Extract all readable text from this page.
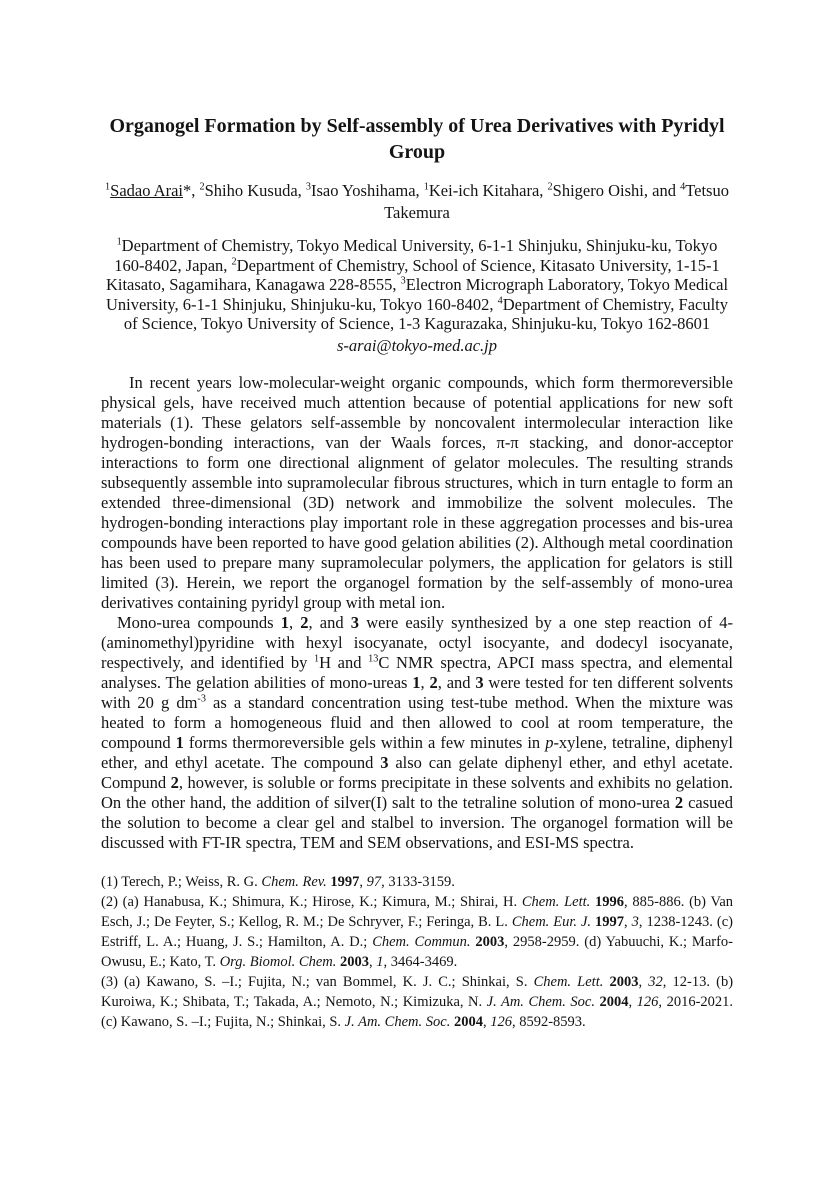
Organogel Formation by Self-assembly of Urea Derivatives with Pyridyl Group

$^1$Sadao Arai*, $^2$Shiho Kusuda, $^3$Isao Yoshihama, $^1$Kei-ich Kitahara, $^2$Shigero Oishi, and $^4$Tetsuo Takemura

$^1$Department of Chemistry, Tokyo Medical University, 6-1-1 Shinjuku, Shinjuku-ku, Tokyo 160-8402, Japan, $^2$Department of Chemistry, School of Science, Kitasato University, 1-15-1 Kitasato, Sagamihara, Kanagawa 228-8555, $^3$Electron Micrograph Laboratory, Tokyo Medical University, 6-1-1 Shinjuku, Shinjuku-ku, Tokyo 160-8402, $^4$Department of Chemistry, Faculty of Science, Tokyo University of Science, 1-3 Kagurazaka, Shinjuku-ku, Tokyo 162-8601

s-arai@tokyo-med.ac.jp

In recent years low-molecular-weight organic compounds, which form thermoreversible physical gels, have received much attention because of potential applications for new soft materials (1). These gelators self-assemble by noncovalent intermolecular interaction like hydrogen-bonding interactions, van der Waals forces, π-π stacking, and donor-acceptor interactions to form one directional alignment of gelator molecules. The resulting strands subsequently assemble into supramolecular fibrous structures, which in turn entagle to form an extended three-dimensional (3D) network and immobilize the solvent molecules. The hydrogen-bonding interactions play important role in these aggregation processes and bis-urea compounds have been reported to have good gelation abilities (2). Although metal coordination has been used to prepare many supramolecular polymers, the application for gelators is still limited (3). Herein, we report the organogel formation by the self-assembly of mono-urea derivatives containing pyridyl group with metal ion.

Mono-urea compounds 1, 2, and 3 were easily synthesized by a one step reaction of 4-(aminomethyl)pyridine with hexyl isocyanate, octyl isocyante, and dodecyl isocyanate, respectively, and identified by $^1$H and $^{13}$C NMR spectra, APCI mass spectra, and elemental analyses. The gelation abilities of mono-ureas 1, 2, and 3 were tested for ten different solvents with 20 g $dm^{-3}$ as a standard concentration using test-tube method. When the mixture was heated to form a homogeneous fluid and then allowed to cool at room temperature, the compound 1 forms thermoreversible gels within a few minutes in p-xylene, tetraline, diphenyl ether, and ethyl acetate. The compound 3 also can gelate diphenyl ether, and ethyl acetate. Compund 2, however, is soluble or forms precipitate in these solvents and exhibits no gelation. On the other hand, the addition of silver(I) salt to the tetraline solution of mono-urea 2 casued the solution to become a clear gel and stalbel to inversion. The organogel formation will be discussed with FT-IR spectra, TEM and SEM observations, and ESI-MS spectra.

(1) Terech, P.; Weiss, R. G. Chem. Rev. 1997, 97, 3133-3159.

(2) (a) Hanabusa, K.; Shimura, K.; Hirose, K.; Kimura, M.; Shirai, H. Chem. Lett. 1996, 885-886. (b) Van Esch, J.; De Feyter, S.; Kellog, R. M.; De Schryver, F.; Feringa, B. L. Chem. Eur. J. 1997, 3, 1238-1243. (c) Estriff, L. A.; Huang, J. S.; Hamilton, A. D.; Chem. Commun. 2003, 2958-2959. (d) Yabuuchi, K.; Marfo-Owusu, E.; Kato, T. Org. Biomol. Chem. 2003, 1, 3464-3469.

(3) (a) Kawano, S. –I.; Fujita, N.; van Bommel, K. J. C.; Shinkai, S. Chem. Lett. 2003, 32, 12-13. (b) Kuroiwa, K.; Shibata, T.; Takada, A.; Nemoto, N.; Kimizuka, N. J. Am. Chem. Soc. 2004, 126, 2016-2021. (c) Kawano, S. –I.; Fujita, N.; Shinkai, S. J. Am. Chem. Soc. 2004, 126, 8592-8593.
